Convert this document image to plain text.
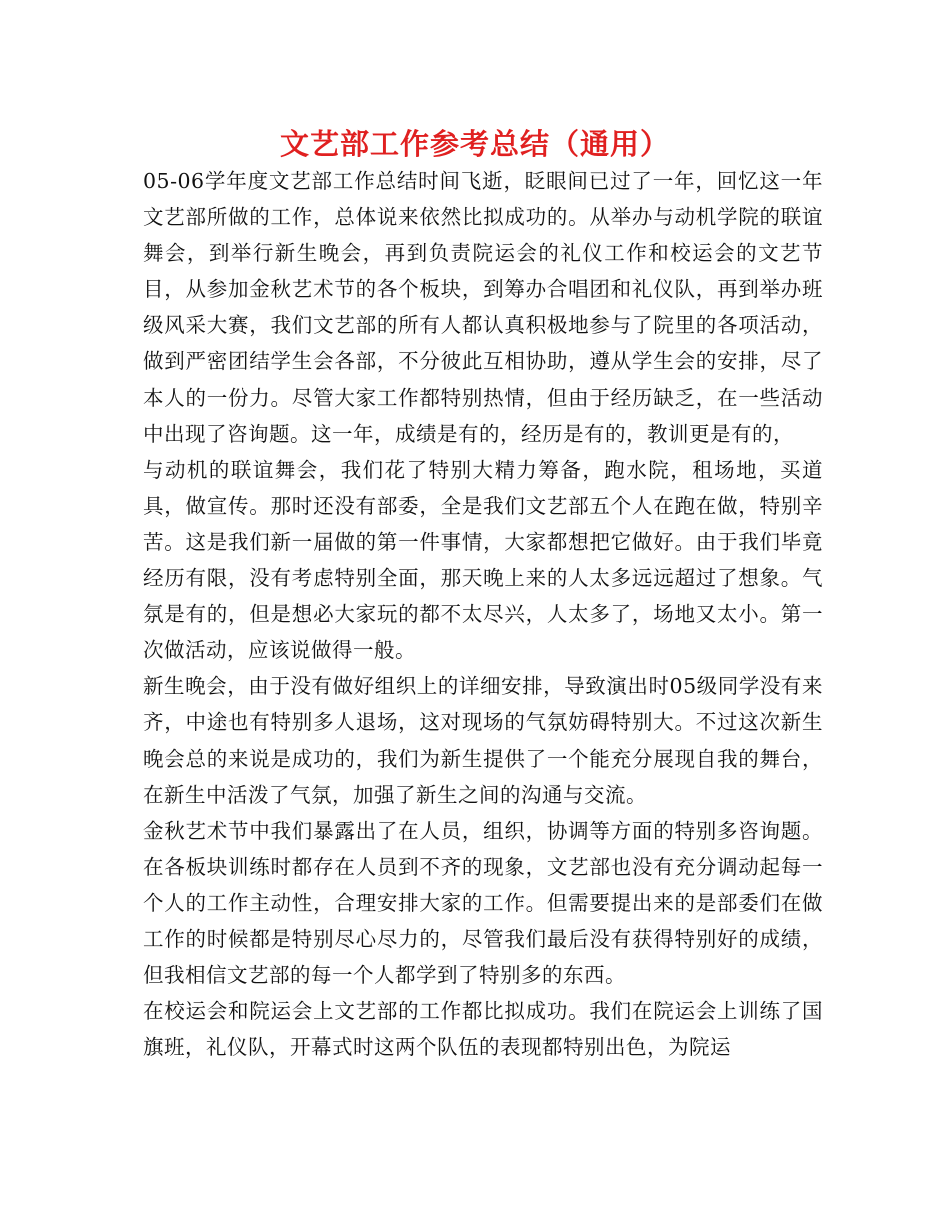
文艺部工作参考总结（通用）

05-06学年度文艺部工作总结时间飞逝，眨眼间已过了一年，回忆这一年文艺部所做的工作，总体说来依然比拟成功的。从举办与动机学院的联谊舞会，到举行新生晚会，再到负责院运会的礼仪工作和校运会的文艺节目，从参加金秋艺术节的各个板块，到筹办合唱团和礼仪队，再到举办班级风采大赛，我们文艺部的所有人都认真积极地参与了院里的各项活动，做到严密团结学生会各部，不分彼此互相协助，遵从学生会的安排，尽了本人的一份力。尽管大家工作都特别热情，但由于经历缺乏，在一些活动中出现了咨询题。这一年，成绩是有的，经历是有的，教训更是有的，

与动机的联谊舞会，我们花了特别大精力筹备，跑水院，租场地，买道具，做宣传。那时还没有部委，全是我们文艺部五个人在跑在做，特别辛苦。这是我们新一届做的第一件事情，大家都想把它做好。由于我们毕竟经历有限，没有考虑特别全面，那天晚上来的人太多远远超过了想象。气氛是有的，但是想必大家玩的都不太尽兴，人太多了，场地又太小。第一次做活动，应该说做得一般。

新生晚会，由于没有做好组织上的详细安排，导致演出时05级同学没有来齐，中途也有特别多人退场，这对现场的气氛妨碍特别大。不过这次新生晚会总的来说是成功的，我们为新生提供了一个能充分展现自我的舞台，在新生中活泼了气氛，加强了新生之间的沟通与交流。

金秋艺术节中我们暴露出了在人员，组织，协调等方面的特别多咨询题。在各板块训练时都存在人员到不齐的现象，文艺部也没有充分调动起每一个人的工作主动性，合理安排大家的工作。但需要提出来的是部委们在做工作的时候都是特别尽心尽力的，尽管我们最后没有获得特别好的成绩，但我相信文艺部的每一个人都学到了特别多的东西。

在校运会和院运会上文艺部的工作都比拟成功。我们在院运会上训练了国旗班，礼仪队，开幕式时这两个队伍的表现都特别出色，为院运
